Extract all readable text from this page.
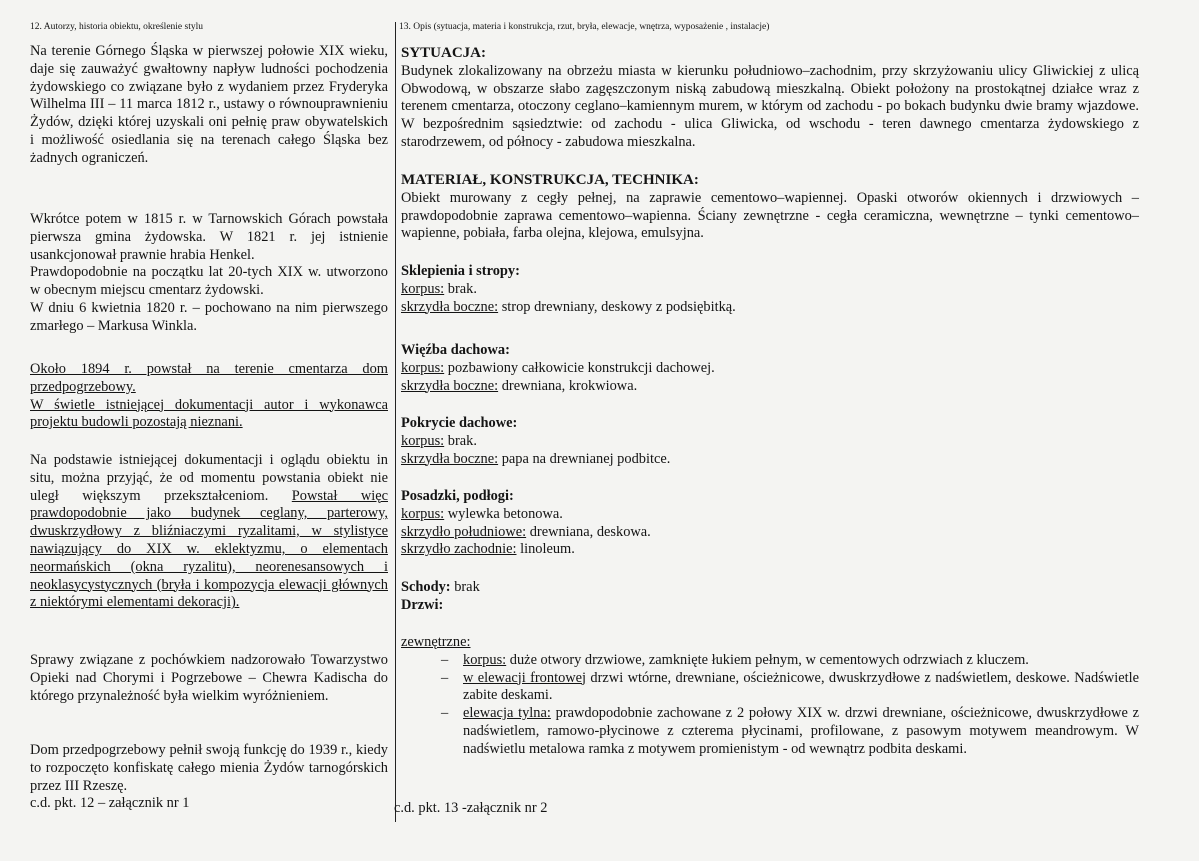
12. Autorzy, historia obiektu, określenie stylu

Na terenie Górnego Śląska w pierwszej połowie XIX wieku, daje się zauważyć gwałtowny napływ ludności pochodzenia żydowskiego co związane było z wydaniem przez Fryderyka Wilhelma III – 11 marca 1812 r., ustawy o równouprawnieniu Żydów, dzięki której uzyskali oni pełnię praw obywatelskich i możliwość osiedlania się na terenach całego Śląska bez żadnych ograniczeń.

Wkrótce potem w 1815 r. w Tarnowskich Górach powstała pierwsza gmina żydowska. W 1821 r. jej istnienie usankcjonował prawnie hrabia Henkel.

Prawdopodobnie na początku lat 20-tych XIX w. utworzono w obecnym miejscu cmentarz żydowski.

W dniu 6 kwietnia 1820 r. – pochowano na nim pierwszego zmarłego – Markusa Winkla.

Około 1894 r. powstał na terenie cmentarza dom przedpogrzebowy.

W świetle istniejącej dokumentacji autor i wykonawca projektu budowli pozostają nieznani.

Na podstawie istniejącej dokumentacji i oglądu obiektu in situ, można przyjąć, że od momentu powstania obiekt nie uległ większym przekształceniom. Powstał więc prawdopodobnie jako budynek ceglany, parterowy, dwuskrzydłowy z bliźniaczymi ryzalitami, w stylistyce nawiązujący do XIX w. eklektyzmu, o elementach neormańskich (okna ryzalitu), neorenesansowych i neoklasycystycznych (bryła i kompozycja elewacji głównych z niektórymi elementami dekoracji).

Sprawy związane z pochówkiem nadzorowało Towarzystwo Opieki nad Chorymi i Pogrzebowe – Chewra Kadischa do którego przynależność była wielkim wyróżnieniem.

Dom przedpogrzebowy pełnił swoją funkcję do 1939 r., kiedy to rozpoczęto konfiskatę całego mienia Żydów tarnogórskich przez III Rzeszę.

c.d. pkt. 12 – załącznik nr 1

13. Opis (sytuacja, materia i konstrukcja, rzut, bryła, elewacje, wnętrza, wyposażenie , instalacje)

SYTUACJA:

Budynek zlokalizowany na obrzeżu miasta w kierunku południowo–zachodnim, przy skrzyżowaniu ulicy Gliwickiej z ulicą Obwodową, w obszarze słabo zagęszczonym niską zabudową mieszkalną. Obiekt położony na prostokątnej działce wraz z terenem cmentarza, otoczony ceglano–kamiennym murem, w którym od zachodu - po bokach budynku dwie bramy wjazdowe. W bezpośrednim sąsiedztwie: od zachodu - ulica Gliwicka, od wschodu - teren dawnego cmentarza żydowskiego z starodrzewem, od północy - zabudowa mieszkalna.

MATERIAŁ, KONSTRUKCJA, TECHNIKA:

Obiekt murowany z cegły pełnej, na zaprawie cementowo–wapiennej. Opaski otworów okiennych i drzwiowych – prawdopodobnie zaprawa cementowo–wapienna. Ściany zewnętrzne - cegła ceramiczna, wewnętrzne – tynki cementowo–wapienne, pobiała, farba olejna, klejowa, emulsyjna.

Sklepienia i stropy:

korpus: brak.

skrzydła boczne: strop drewniany, deskowy z podsiębitką.

Więźba dachowa:

korpus: pozbawiony całkowicie konstrukcji dachowej.

skrzydła boczne: drewniana, krokwiowa.

Pokrycie dachowe:

korpus: brak.

skrzydła boczne: papa na drewnianej podbitce.

Posadzki, podłogi:

korpus: wylewka betonowa.

skrzydło południowe: drewniana, deskowa.

skrzydło zachodnie: linoleum.

Schody: brak

Drzwi:

zewnętrzne:

– korpus: duże otwory drzwiowe, zamknięte łukiem pełnym, w cementowych odrzwiach z kluczem.
– w elewacji frontowej drzwi wtórne, drewniane, ościeżnicowe, dwuskrzydłowe z nadświetlem, deskowe. Nadświetle zabite deskami.
– elewacja tylna: prawdopodobnie zachowane z 2 połowy XIX w. drzwi drewniane, ościeżnicowe, dwuskrzydłowe z nadświetlem, ramowo-płycinowe z czterema płycinami, profilowane, z pasowym motywem meandrowym. W nadświetlu metalowa ramka z motywem promienistym - od wewnątrz podbita deskami.

c.d. pkt. 13 -załącznik nr 2
